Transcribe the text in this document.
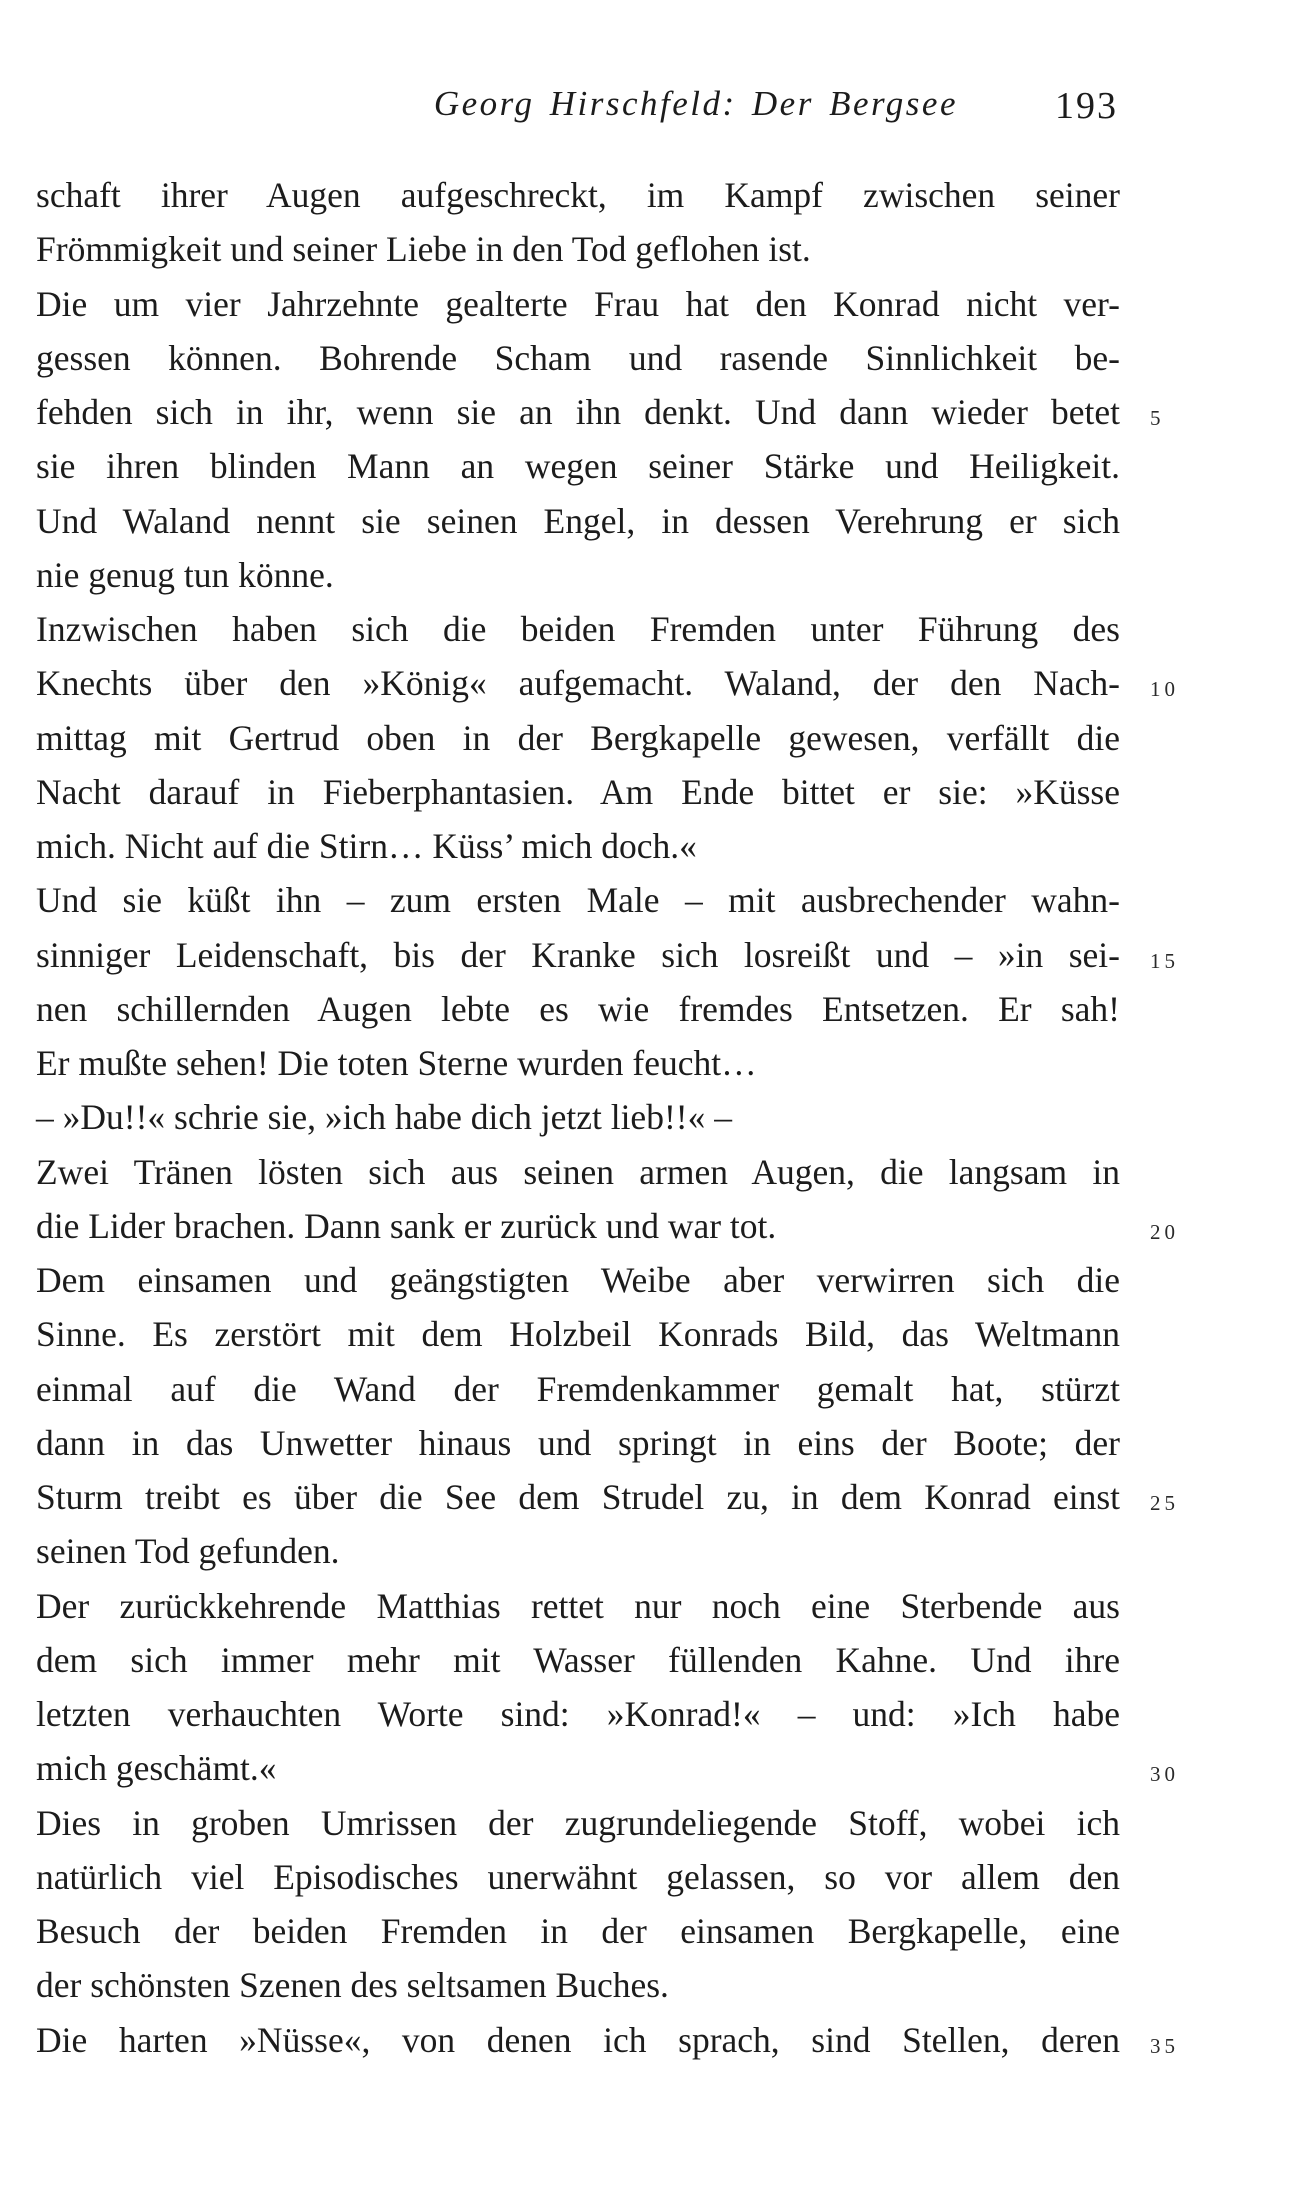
Georg Hirschfeld: Der Bergsee	193
schaft ihrer Augen aufgeschreckt, im Kampf zwischen seiner
Frömmigkeit und seiner Liebe in den Tod geflohen ist.
Die um vier Jahrzehnte gealterte Frau hat den Konrad nicht ver-
gessen können. Bohrende Scham und rasende Sinnlichkeit be-
fehden sich in ihr, wenn sie an ihn denkt. Und dann wieder betet 5
sie ihren blinden Mann an wegen seiner Stärke und Heiligkeit.
Und Waland nennt sie seinen Engel, in dessen Verehrung er sich
nie genug tun könne.
Inzwischen haben sich die beiden Fremden unter Führung des
Knechts über den »König« aufgemacht. Waland, der den Nach- 10
mittag mit Gertrud oben in der Bergkapelle gewesen, verfällt die
Nacht darauf in Fieberphantasien. Am Ende bittet er sie: »Küsse
mich. Nicht auf die Stirn… Küss’ mich doch.«
Und sie küßt ihn – zum ersten Male – mit ausbrechender wahn-
sinniger Leidenschaft, bis der Kranke sich losreißt und – »in sei- 15
nen schillernden Augen lebte es wie fremdes Entsetzen. Er sah!
Er mußte sehen! Die toten Sterne wurden feucht…
– »Du!!« schrie sie, »ich habe dich jetzt lieb!!« –
Zwei Tränen lösten sich aus seinen armen Augen, die langsam in
die Lider brachen. Dann sank er zurück und war tot.	20
Dem einsamen und geängstigten Weibe aber verwirren sich die
Sinne. Es zerstört mit dem Holzbeil Konrads Bild, das Weltmann
einmal auf die Wand der Fremdenkammer gemalt hat, stürzt
dann in das Unwetter hinaus und springt in eins der Boote; der
Sturm treibt es über die See dem Strudel zu, in dem Konrad einst 25
seinen Tod gefunden.
Der zurückkehrende Matthias rettet nur noch eine Sterbende aus
dem sich immer mehr mit Wasser füllenden Kahne. Und ihre
letzten verhauchten Worte sind: »Konrad!« – und: »Ich habe
mich geschämt.«	30
Dies in groben Umrissen der zugrundeliegende Stoff, wobei ich
natürlich viel Episodisches unerwähnt gelassen, so vor allem den
Besuch der beiden Fremden in der einsamen Bergkapelle, eine
der schönsten Szenen des seltsamen Buches.
Die harten »Nüsse«, von denen ich sprach, sind Stellen, deren 35
